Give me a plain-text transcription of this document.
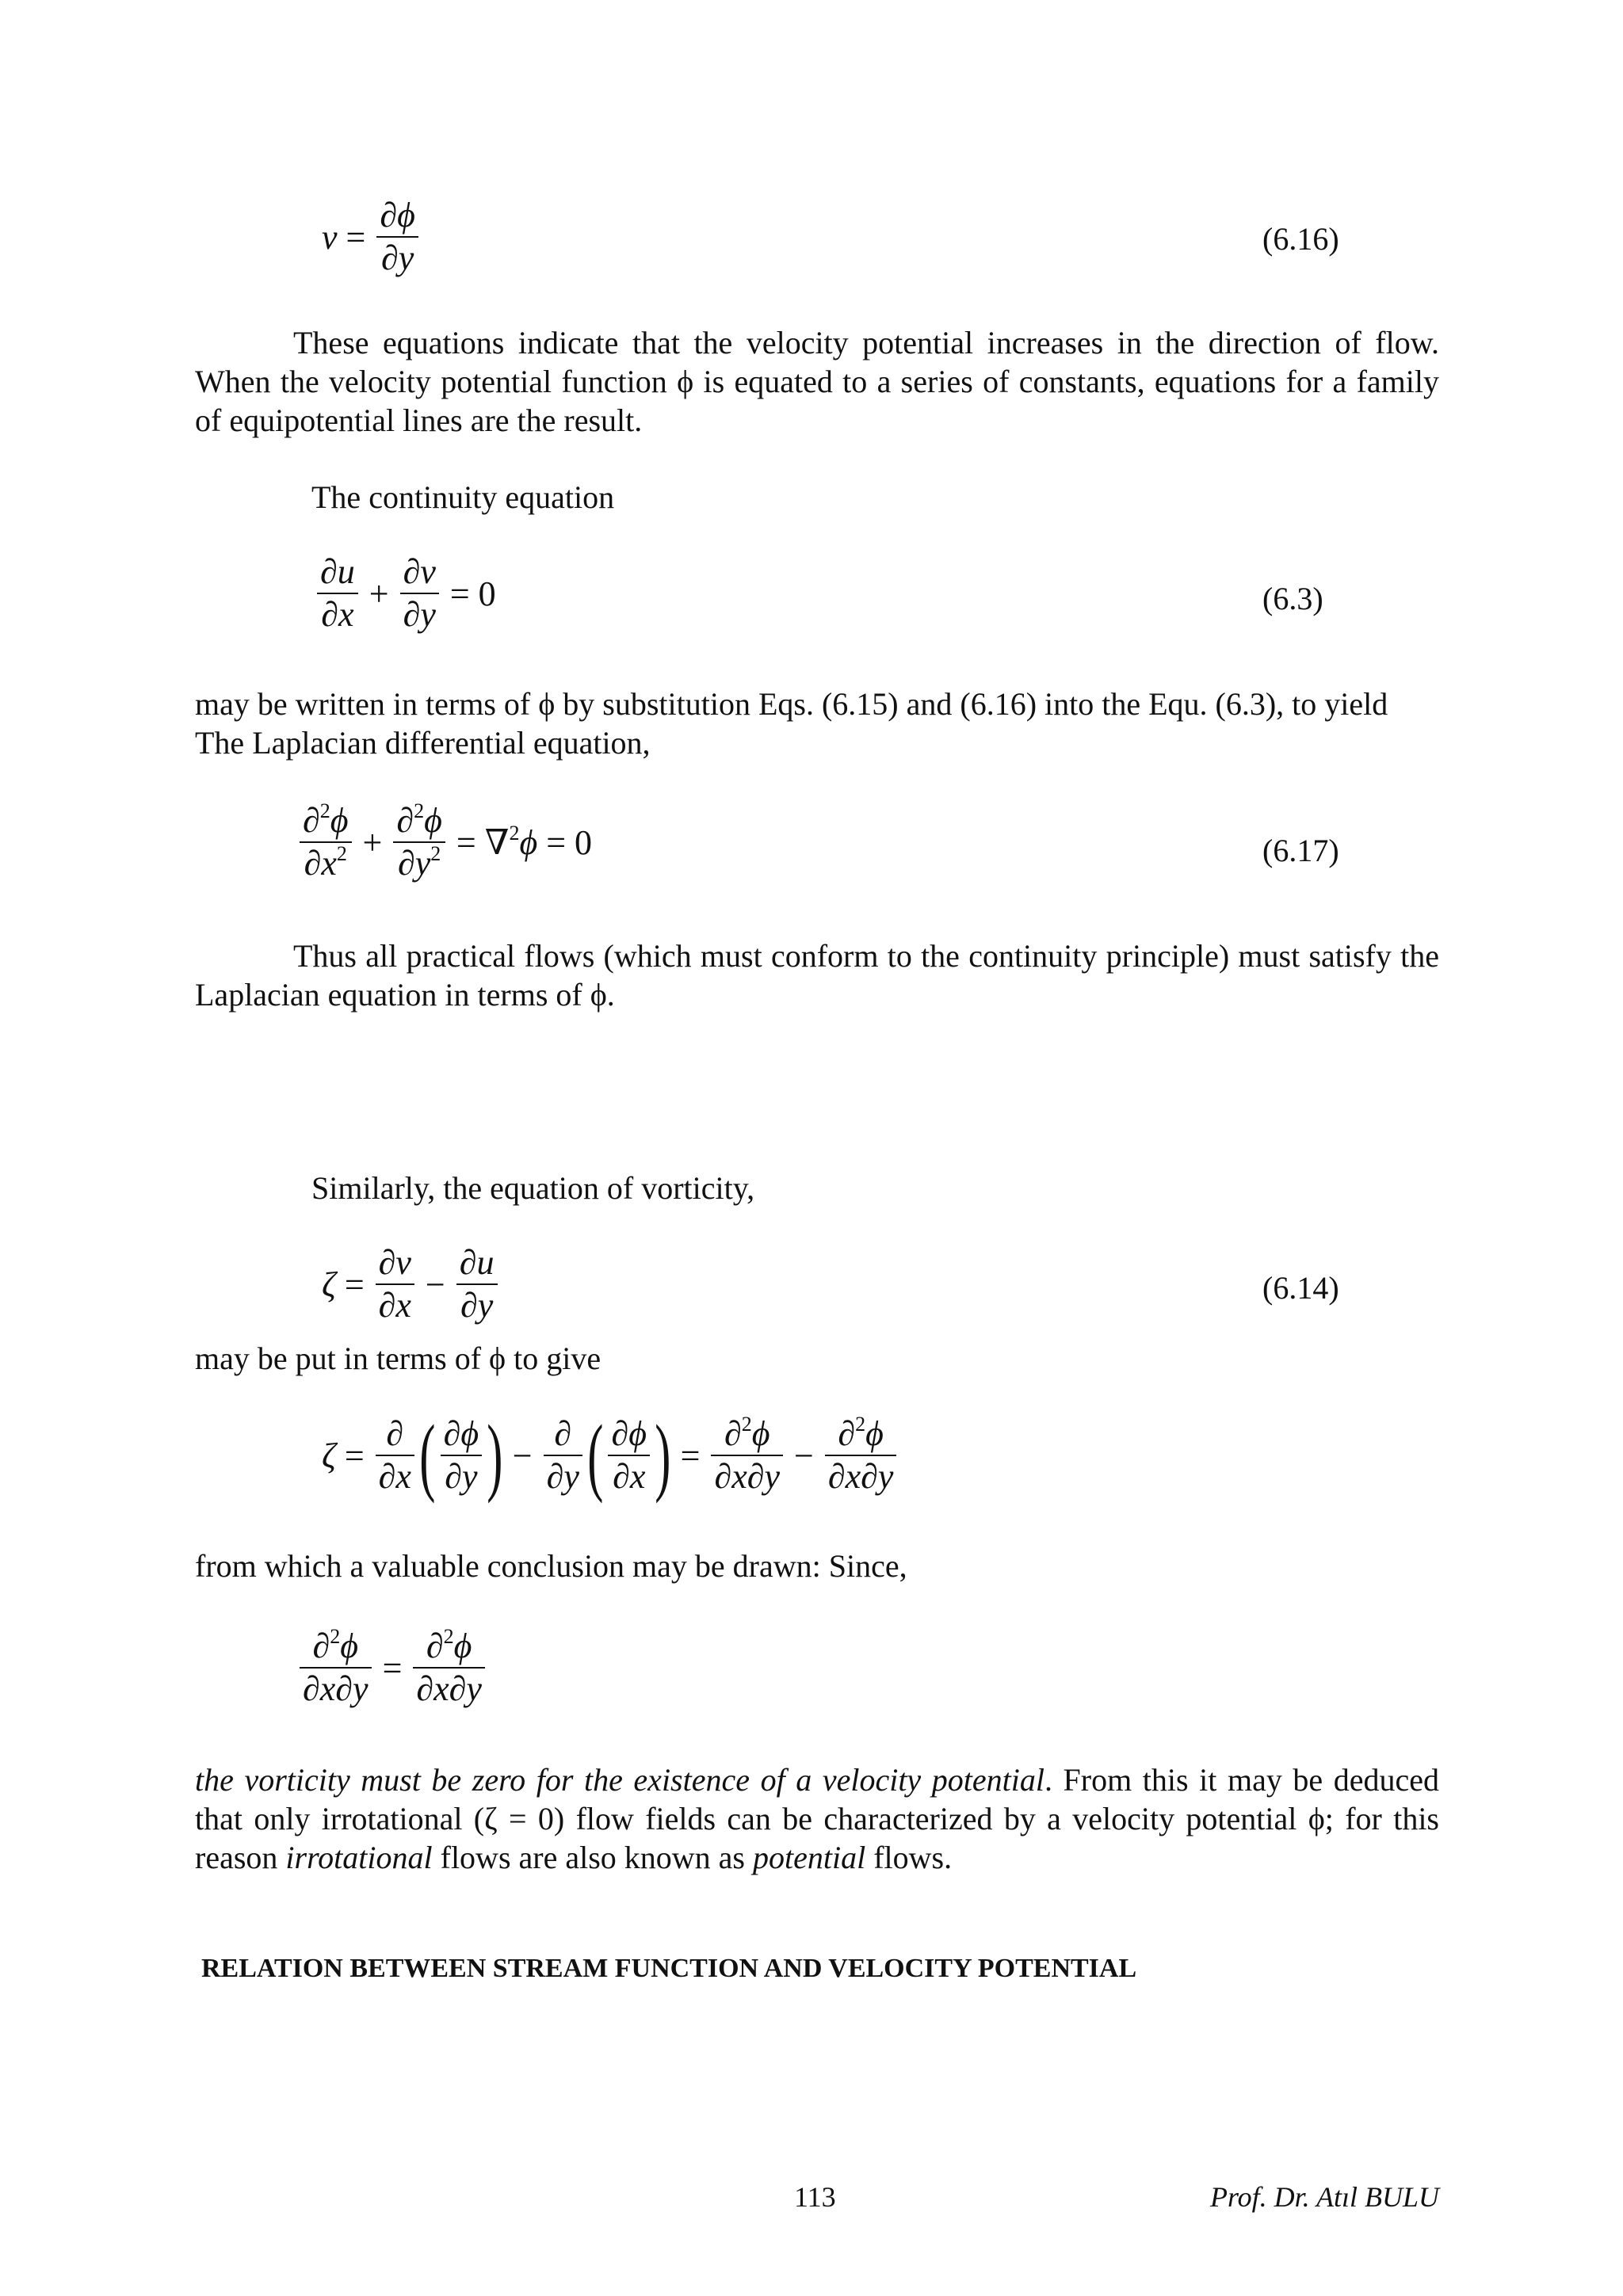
$v = \frac{\partial\phi}{\partial y}$	(6.16)
These equations indicate that the velocity potential increases in the direction of flow. When the velocity potential function ϕ is equated to a series of constants, equations for a family of equipotential lines are the result.
The continuity equation
$\frac{\partial u}{\partial x} + \frac{\partial v}{\partial y} = 0$	(6.3)
may be written in terms of ϕ by substitution Eqs. (6.15) and (6.16) into the Equ. (6.3), to yield The Laplacian differential equation,
$\frac{\partial^2\phi}{\partial x^2} + \frac{\partial^2\phi}{\partial y^2} = \nabla^2\phi = 0$	(6.17)
Thus all practical flows (which must conform to the continuity principle) must satisfy the Laplacian equation in terms of ϕ.
Similarly, the equation of vorticity,
$\zeta = \frac{\partial v}{\partial x} - \frac{\partial u}{\partial y}$	(6.14)
may be put in terms of ϕ to give
$\zeta = \frac{\partial}{\partial x}$ ( $\frac{\partial\phi}{\partial y}$ ) − $\frac{\partial}{\partial y}$ ( $\frac{\partial\phi}{\partial x}$ ) = $\frac{\partial^2\phi}{\partial x\partial y} - \frac{\partial^2\phi}{\partial x\partial y}$
from which a valuable conclusion may be drawn: Since,
$\frac{\partial^2\phi}{\partial x\partial y} = \frac{\partial^2\phi}{\partial x\partial y}$
the vorticity must be zero for the existence of a velocity potential. From this it may be deduced that only irrotational (ζ = 0) flow fields can be characterized by a velocity potential ϕ; for this reason irrotational flows are also known as potential flows.
RELATION BETWEEN STREAM FUNCTION AND VELOCITY POTENTIAL
113	Prof. Dr. Atıl BULU
